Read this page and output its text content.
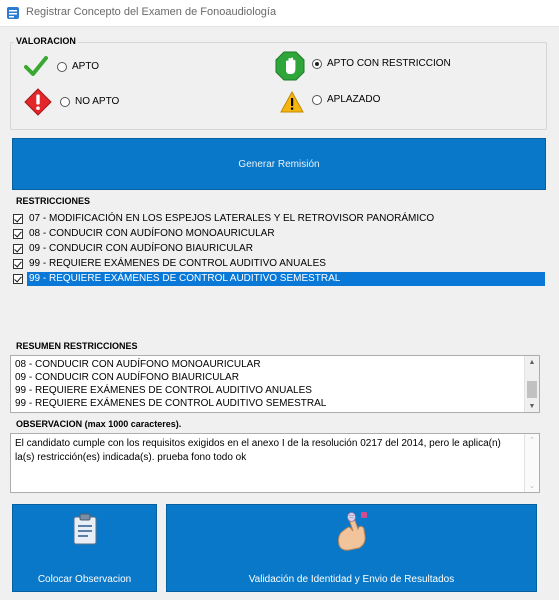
Registrar Concepto del Examen de Fonoaudiología
VALORACION
APTO	APTO CON RESTRICCION
NO APTO	APLAZADO
Generar Remisión
RESTRICCIONES
07 - MODIFICACIÓN EN LOS ESPEJOS LATERALES Y EL RETROVISOR PANORÁMICO
08 - CONDUCIR CON AUDÍFONO MONOAURICULAR
09 - CONDUCIR CON AUDÍFONO BIAURICULAR
99 - REQUIERE EXÁMENES DE CONTROL AUDITIVO ANUALES
99 - REQUIERE EXÁMENES DE CONTROL AUDITIVO SEMESTRAL
RESUMEN RESTRICCIONES
08 - CONDUCIR CON AUDÍFONO MONOAURICULAR
09 - CONDUCIR CON AUDÍFONO BIAURICULAR
99 - REQUIERE EXÁMENES DE CONTROL AUDITIVO ANUALES
99 - REQUIERE EXÁMENES DE CONTROL AUDITIVO SEMESTRAL
▲
▼
OBSERVACION (max 1000 caracteres).
El candidato cumple con los requisitos exigidos en el anexo I de la resolución 0217 del 2014, pero le aplica(n) la(s) restricción(es) indicada(s). prueba fono todo ok
⌃
⌄
Colocar Observacion	Validación de Identidad y Envio de Resultados
